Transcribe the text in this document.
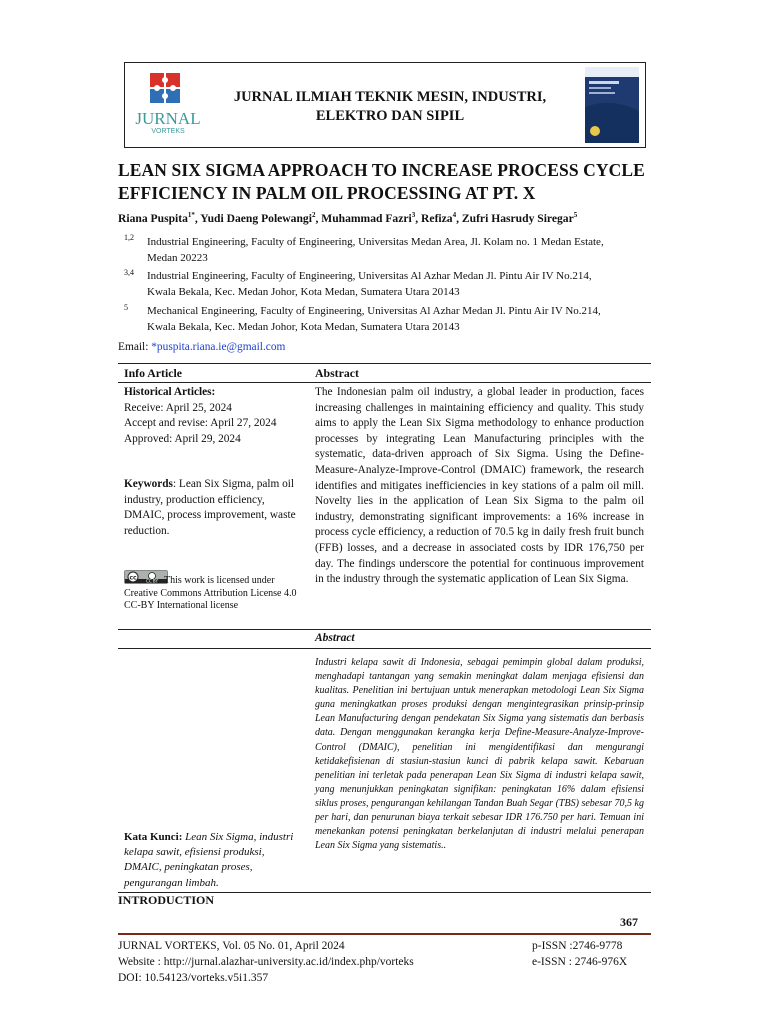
JURNAL
VORTEKS
JURNAL ILMIAH TEKNIK MESIN, INDUSTRI,
ELEKTRO DAN SIPIL
LEAN SIX SIGMA APPROACH TO INCREASE PROCESS CYCLE
EFFICIENCY IN PALM OIL PROCESSING AT PT. X
Riana Puspita$^{1*}$, Yudi Daeng Polewangi$^2$, Muhammad Fazri$^3$, Refiza$^4$, Zufri Hasrudy Siregar$^5$
1,2 Industrial Engineering, Faculty of Engineering, Universitas Medan Area, Jl. Kolam no. 1 Medan Estate,
Medan 20223
3,4 Industrial Engineering, Faculty of Engineering, Universitas Al Azhar Medan Jl. Pintu Air IV No.214,
Kwala Bekala, Kec. Medan Johor, Kota Medan, Sumatera Utara 20143
5 Mechanical Engineering, Faculty of Engineering, Universitas Al Azhar Medan Jl. Pintu Air IV No.214,
Kwala Bekala, Kec. Medan Johor, Kota Medan, Sumatera Utara 20143
Email: *puspita.riana.ie@gmail.com
Info Article	Abstract
Historical Articles:
Receive: April 25, 2024
Accept and revise: April 27, 2024
Approved: April 29, 2024
Keywords: Lean Six Sigma, palm oil industry, production efficiency, DMAIC, process improvement, waste reduction.
cc CC BY This work is licensed under Creative Commons Attribution License 4.0 CC-BY International license
The Indonesian palm oil industry, a global leader in production, faces increasing challenges in maintaining efficiency and quality. This study aims to apply the Lean Six Sigma methodology to enhance production processes by integrating Lean Manufacturing principles with the systematic, data-driven approach of Six Sigma. Using the Define-Measure-Analyze-Improve-Control (DMAIC) framework, the research identifies and mitigates inefficiencies in key stations of a palm oil mill. Novelty lies in the application of Lean Six Sigma to the palm oil industry, demonstrating significant improvements: a 16% increase in process cycle efficiency, a reduction of 70.5 kg in daily fresh fruit bunch (FFB) losses, and a decrease in associated costs by IDR 176,750 per day. The findings underscore the potential for continuous improvement in the industry through the systematic application of Lean Six Sigma.
Abstract
Industri kelapa sawit di Indonesia, sebagai pemimpin global dalam produksi, menghadapi tantangan yang semakin meningkat dalam menjaga efisiensi dan kualitas. Penelitian ini bertujuan untuk menerapkan metodologi Lean Six Sigma guna meningkatkan proses produksi dengan mengintegrasikan prinsip-prinsip Lean Manufacturing dengan pendekatan Six Sigma yang sistematis dan berbasis data. Dengan menggunakan kerangka kerja Define-Measure-Analyze-Improve-Control (DMAIC), penelitian ini mengidentifikasi dan mengurangi ketidakefisienan di stasiun-stasiun kunci di pabrik kelapa sawit. Kebaruan penelitian ini terletak pada penerapan Lean Six Sigma di industri kelapa sawit, yang menunjukkan peningkatan signifikan: peningkatan 16% dalam efisiensi siklus proses, pengurangan kehilangan Tandan Buah Segar (TBS) sebesar 70,5 kg per hari, dan penurunan biaya terkait sebesar IDR 176.750 per hari. Temuan ini menekankan potensi peningkatan berkelanjutan di industri melalui penerapan Lean Six Sigma yang sistematis..
Kata Kunci: Lean Six Sigma, industri kelapa sawit, efisiensi produksi, DMAIC, peningkatan proses, pengurangan limbah.
INTRODUCTION
367
JURNAL VORTEKS, Vol. 05 No. 01, April 2024
Website : http://jurnal.alazhar-university.ac.id/index.php/vorteks
DOI: 10.54123/vorteks.v5i1.357
p-ISSN :2746-9778
e-ISSN : 2746-976X
